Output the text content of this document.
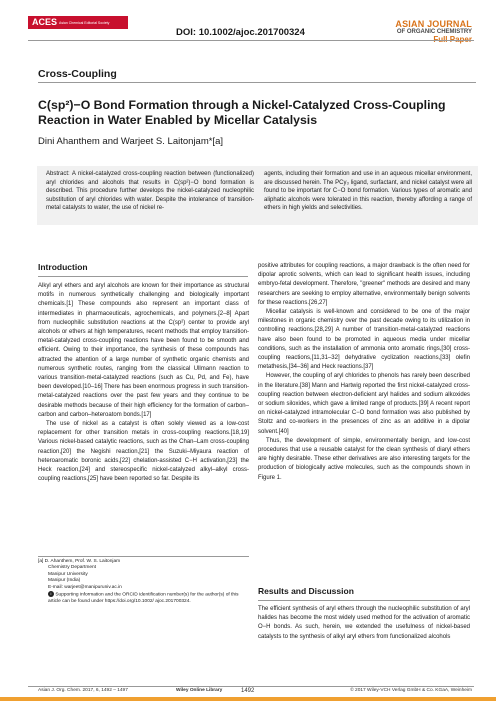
ACES Asian Chemical Editorial Society
DOI: 10.1002/ajoc.201700324
ASIAN JOURNAL
OF ORGANIC CHEMISTRY
Cross-Coupling
C(sp²)−O Bond Formation through a Nickel-Catalyzed Cross-Coupling Reaction in Water Enabled by Micellar Catalysis
Dini Ahanthem and Warjeet S. Laitonjam*[a]
Abstract: A nickel-catalyzed cross-coupling reaction between (functionalized) aryl chlorides and alcohols that results in C(sp²)−O bond formation is described. This procedure further develops the nickel-catalyzed nucleophilic substitution of aryl chlorides with water. Despite the intolerance of transition-metal catalysts to water, the use of nickel re-
agents, including their formation and use in an aqueous micellar environment, are discussed herein. The PCy₃ ligand, surfactant, and nickel catalyst were all found to be important for C−O bond formation. Various types of aromatic and aliphatic alcohols were tolerated in this reaction, thereby affording a range of ethers in high yields and selectivities.
Introduction

Alkyl aryl ethers and aryl alcohols are known for their importance as structural motifs in numerous synthetically challenging and biologically important chemicals.[1] These compounds also represent an important class of intermediates in pharmaceuticals, agrochemicals, and polymers.[2–8] Apart from nucleophilic substitution reactions at the C(sp²) center to provide aryl alcohols or ethers at high temperatures, recent methods that employ transition-metal-catalyzed cross-coupling reactions have been found to be smooth and efficient. Owing to their importance, the synthesis of these compounds has attracted the attention of a large number of synthetic organic chemists and numerous synthetic routes, ranging from the classical Ullmann reaction to various transition-metal-catalyzed reactions (such as Cu, Pd, and Fe), have been developed.[10–16] There has been enormous progress in such transition-metal-catalyzed reactions over the past few years and they continue to be desirable methods because of their high efficiency for the formation of carbon–carbon and carbon–heteroatom bonds.[17]

The use of nickel as a catalyst is often solely viewed as a low-cost replacement for other transition metals in cross-coupling reactions.[18,19] Various nickel-based catalytic reactions, such as the Chan–Lam cross-coupling reaction,[20] the Negishi reaction,[21] the Suzuki–Miyaura reaction of heteroaromatic boronic acids,[22] chelation-assisted C−H activation,[23] the Heck reaction,[24] and stereospecific nickel-catalyzed alkyl–alkyl cross-coupling reactions,[25] have been reported so far. Despite its

[a] D. Ahanthem, Prof. W. S. Laitonjam
Chemistry Department
Manipur University
Manipur (India)
E-mail: warjeet@manipuruniv.ac.in
i Supporting information and the ORCID identification number(s) for the author(s) of this article can be found under https://doi.org/10.1002/ ajoc.201700324.

positive attributes for coupling reactions, a major drawback is the often need for dipolar aprotic solvents, which can lead to significant health issues, including embryo-fetal development. Therefore, "greener" methods are desired and many researchers are seeking to employ alternative, environmentally benign solvents for these reactions.[26,27]

Micellar catalysis is well-known and considered to be one of the major milestones in organic chemistry over the past decade owing to its utilization in controlling reactions.[28,29] A number of transition-metal-catalyzed reactions have also been found to be promoted in aqueous media under micellar conditions, such as the installation of ammonia onto aromatic rings,[30] cross-coupling reactions,[11,31–32] dehydrative cyclization reactions,[33] olefin metathesis,[34–36] and Heck reactions.[37]

However, the coupling of aryl chlorides to phenols has rarely been described in the literature.[38] Mann and Hartwig reported the first nickel-catalyzed cross-coupling reaction between electron-deficient aryl halides and sodium alkoxides or sodium silоxides, which gave a limited range of products.[39] A recent report on nickel-catalyzed intramolecular C−O bond formation was also published by Stoltz and co-workers in the presences of zinc as an additive in a dipolar solvent.[40]

Thus, the development of simple, environmentally benign, and low-cost procedures that use a reusable catalyst for the clean synthesis of diaryl ethers are highly desirable. These ether derivatives are also interesting targets for the production of biologically active molecules, such as the compounds shown in Figure 1.

Results and Discussion
The efficient synthesis of aryl ethers through the nucleophilic substitution of aryl halides has become the most widely used method for the activation of aromatic O−H bonds. As such, herein, we extended the usefulness of nickel-based catalysts to the synthesis of alkyl aryl ethers from functionalized alcohols
Asian J. Org. Chem. 2017, 6, 1492 – 1497	Wiley Online Library	1492	© 2017 Wiley-VCH Verlag GmbH & Co. KGaA, Weinheim
